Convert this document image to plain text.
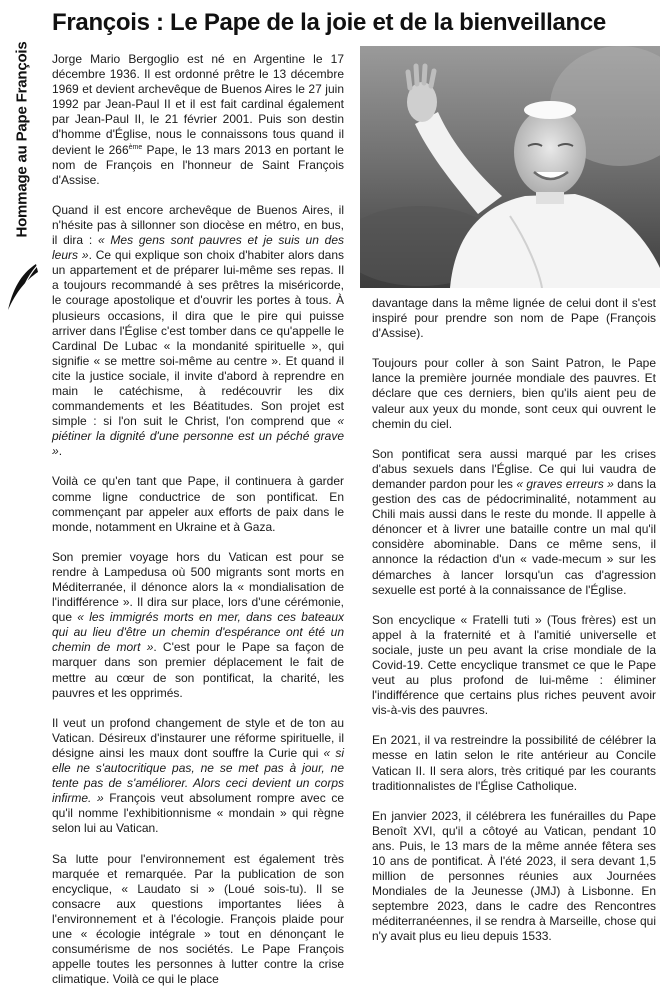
Hommage au Pape François
François : Le Pape de la joie et de la bienveillance

Jorge Mario Bergoglio est né en Argentine le 17 décembre 1936. Il est ordonné prêtre le 13 décembre 1969 et devient archevêque de Buenos Aires le 27 juin 1992 par Jean-Paul II et il est fait cardinal également par Jean-Paul II, le 21 février 2001. Puis son destin d'homme d'Église, nous le connaissons tous quand il devient le 266ème Pape, le 13 mars 2013 en portant le nom de François en l'honneur de Saint François d'Assise.

Quand il est encore archevêque de Buenos Aires, il n'hésite pas à sillonner son diocèse en métro, en bus, il dira : « Mes gens sont pauvres et je suis un des leurs ». Ce qui explique son choix d'habiter alors dans un appartement et de préparer lui-même ses repas. Il a toujours recommandé à ses prêtres la miséricorde, le courage apostolique et d'ouvrir les portes à tous. À plusieurs occasions, il dira que le pire qui puisse arriver dans l'Église c'est tomber dans ce qu'appelle le Cardinal De Lubac « la mondanité spirituelle », qui signifie « se mettre soi-même au centre ». Et quand il cite la justice sociale, il invite d'abord à reprendre en main le catéchisme, à redécouvrir les dix commandements et les Béatitudes. Son projet est simple : si l'on suit le Christ, l'on comprend que « piétiner la dignité d'une personne est un péché grave ».

Voilà ce qu'en tant que Pape, il continuera à garder comme ligne conductrice de son pontificat. En commençant par appeler aux efforts de paix dans le monde, notamment en Ukraine et à Gaza.

Son premier voyage hors du Vatican est pour se rendre à Lampedusa où 500 migrants sont morts en Méditerranée, il dénonce alors la « mondialisation de l'indifférence ». Il dira sur place, lors d'une cérémonie, que « les immigrés morts en mer, dans ces bateaux qui au lieu d'être un chemin d'espérance ont été un chemin de mort ». C'est pour le Pape sa façon de marquer dans son premier déplacement le fait de mettre au cœur de son pontificat, la charité, les pauvres et les opprimés.

Il veut un profond changement de style et de ton au Vatican. Désireux d'instaurer une réforme spirituelle, il désigne ainsi les maux dont souffre la Curie qui « si elle ne s'autocritique pas, ne se met pas à jour, ne tente pas de s'améliorer. Alors ceci devient un corps infirme. » François veut absolument rompre avec ce qu'il nomme l'exhibitionnisme « mondain » qui règne selon lui au Vatican.

Sa lutte pour l'environnement est également très marquée et remarquée. Par la publication de son encyclique, « Laudato si » (Loué sois-tu). Il se consacre aux questions importantes liées à l'environnement et à l'écologie. François plaide pour une « écologie intégrale » tout en dénonçant le consumérisme de nos sociétés. Le Pape François appelle toutes les personnes à lutter contre la crise climatique. Voilà ce qui le place

davantage dans la même lignée de celui dont il s'est inspiré pour prendre son nom de Pape (François d'Assise).

Toujours pour coller à son Saint Patron, le Pape lance la première journée mondiale des pauvres. Et déclare que ces derniers, bien qu'ils aient peu de valeur aux yeux du monde, sont ceux qui ouvrent le chemin du ciel.

Son pontificat sera aussi marqué par les crises d'abus sexuels dans l'Église. Ce qui lui vaudra de demander pardon pour les « graves erreurs » dans la gestion des cas de pédocriminalité, notamment au Chili mais aussi dans le reste du monde. Il appelle à dénoncer et à livrer une bataille contre un mal qu'il considère abominable. Dans ce même sens, il annonce la rédaction d'un « vade-mecum » sur les démarches à lancer lorsqu'un cas d'agression sexuelle est porté à la connaissance de l'Église.

Son encyclique « Fratelli tuti » (Tous frères) est un appel à la fraternité et à l'amitié universelle et sociale, juste un peu avant la crise mondiale de la Covid-19. Cette encyclique transmet ce que le Pape veut au plus profond de lui-même : éliminer l'indifférence que certains plus riches peuvent avoir vis-à-vis des pauvres.

En 2021, il va restreindre la possibilité de célébrer la messe en latin selon le rite antérieur au Concile Vatican II. Il sera alors, très critiqué par les courants traditionnalistes de l'Église Catholique.

En janvier 2023, il célébrera les funérailles du Pape Benoît XVI, qu'il a côtoyé au Vatican, pendant 10 ans. Puis, le 13 mars de la même année fêtera ses 10 ans de pontificat. À l'été 2023, il sera devant 1,5 million de personnes réunies aux Journées Mondiales de la Jeunesse (JMJ) à Lisbonne. En septembre 2023, dans le cadre des Rencontres méditerranéennes, il se rendra à Marseille, chose qui n'y avait plus eu lieu depuis 1533.
